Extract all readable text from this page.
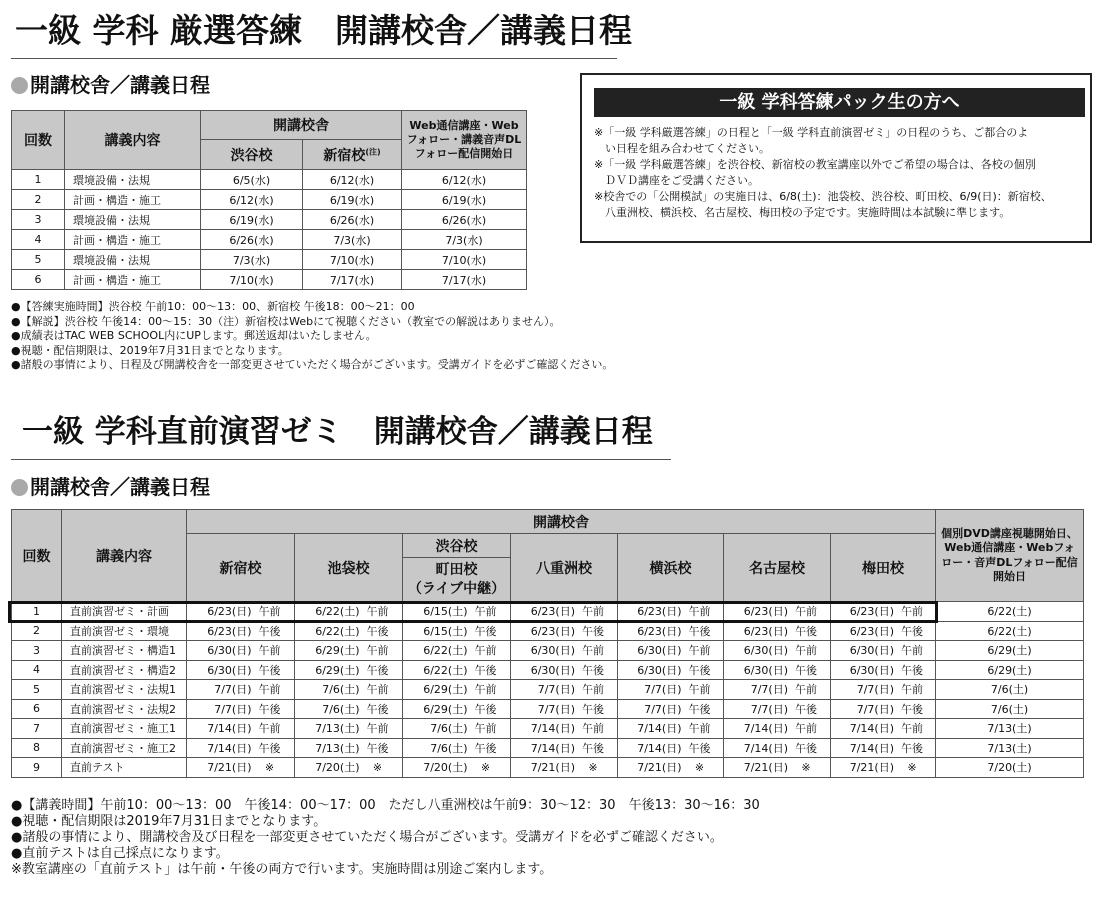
一級 学科 厳選答練　開講校舎／講義日程
開講校舎／講義日程
回数	講義内容	開講校舎		Web通信講座・Webフォロー・講義音声DLフォロー配信開始日
		渋谷校	新宿校$^{(注)}$
1	環境設備・法規	6/5(水)	6/12(水)	6/12(水)
2	計画・構造・施工	6/12(水)	6/19(水)	6/19(水)
3	環境設備・法規	6/19(水)	6/26(水)	6/26(水)
4	計画・構造・施工	6/26(水)	7/3(水)	7/3(水)
5	環境設備・法規	7/3(水)	7/10(水)	7/10(水)
6	計画・構造・施工	7/10(水)	7/17(水)	7/17(水)
●【答練実施時間】渋谷校 午前10：00～13：00、新宿校 午後18：00～21：00
●【解説】渋谷校 午後14：00～15：30（注）新宿校はWebにて視聴ください（教室での解説はありません）。
●成績表はTAC WEB SCHOOL内にUPします。郵送返却はいたしません。
●視聴・配信期限は、2019年7月31日までとなります。
●諸般の事情により、日程及び開講校舎を一部変更させていただく場合がございます。受講ガイドを必ずご確認ください。
一級 学科答練パック生の方へ
※「一級 学科厳選答練」の日程と「一級 学科直前演習ゼミ」の日程のうち、ご都合のよ
　い日程を組み合わせてください。
※「一級 学科厳選答練」を渋谷校、新宿校の教室講座以外でご希望の場合は、各校の個別
　ＤＶＤ講座をご受講ください。
※校舎での「公開模試」の実施日は、6/8(土)：池袋校、渋谷校、町田校、6/9(日)：新宿校、
　八重洲校、横浜校、名古屋校、梅田校の予定です。実施時間は本試験に準じます。
一級 学科直前演習ゼミ　開講校舎／講義日程
開講校舎／講義日程
回数	講義内容	開講校舎							個別DVD講座視聴開始日、Web通信講座・Webフォロー・音声DLフォロー配信開始日
		新宿校	池袋校	渋谷校	八重洲校	横浜校	名古屋校	梅田校	
				町田校
（ライブ中継）					
1	直前演習ゼミ・計画	6/23(日) 午前	6/22(土) 午前	6/15(土) 午前	6/23(日) 午前	6/23(日) 午前	6/23(日) 午前	6/23(日) 午前	6/22(土)
2	直前演習ゼミ・環境	6/23(日) 午後	6/22(土) 午後	6/15(土) 午後	6/23(日) 午後	6/23(日) 午後	6/23(日) 午後	6/23(日) 午後	6/22(土)
3	直前演習ゼミ・構造1	6/30(日) 午前	6/29(土) 午前	6/22(土) 午前	6/30(日) 午前	6/30(日) 午前	6/30(日) 午前	6/30(日) 午前	6/29(土)
4	直前演習ゼミ・構造2	6/30(日) 午後	6/29(土) 午後	6/22(土) 午後	6/30(日) 午後	6/30(日) 午後	6/30(日) 午後	6/30(日) 午後	6/29(土)
5	直前演習ゼミ・法規1	7/7(日) 午前	7/6(土) 午前	6/29(土) 午前	7/7(日) 午前	7/7(日) 午前	7/7(日) 午前	7/7(日) 午前	7/6(土)
6	直前演習ゼミ・法規2	7/7(日) 午後	7/6(土) 午後	6/29(土) 午後	7/7(日) 午後	7/7(日) 午後	7/7(日) 午後	7/7(日) 午後	7/6(土)
7	直前演習ゼミ・施工1	7/14(日) 午前	7/13(土) 午前	7/6(土) 午前	7/14(日) 午前	7/14(日) 午前	7/14(日) 午前	7/14(日) 午前	7/13(土)
8	直前演習ゼミ・施工2	7/14(日) 午後	7/13(土) 午後	7/6(土) 午後	7/14(日) 午後	7/14(日) 午後	7/14(日) 午後	7/14(日) 午後	7/13(土)
9	直前テスト	7/21(日) ※	7/20(土) ※	7/20(土) ※	7/21(日) ※	7/21(日) ※	7/21(日) ※	7/21(日) ※	7/20(土)
●【講義時間】午前10：00～13：00　午後14：00～17：00　ただし八重洲校は午前9：30～12：30　午後13：30～16：30
●視聴・配信期限は2019年7月31日までとなります。
●諸般の事情により、開講校舎及び日程を一部変更させていただく場合がございます。受講ガイドを必ずご確認ください。
●直前テストは自己採点になります。
※教室講座の「直前テスト」は午前・午後の両方で行います。実施時間は別途ご案内します。
